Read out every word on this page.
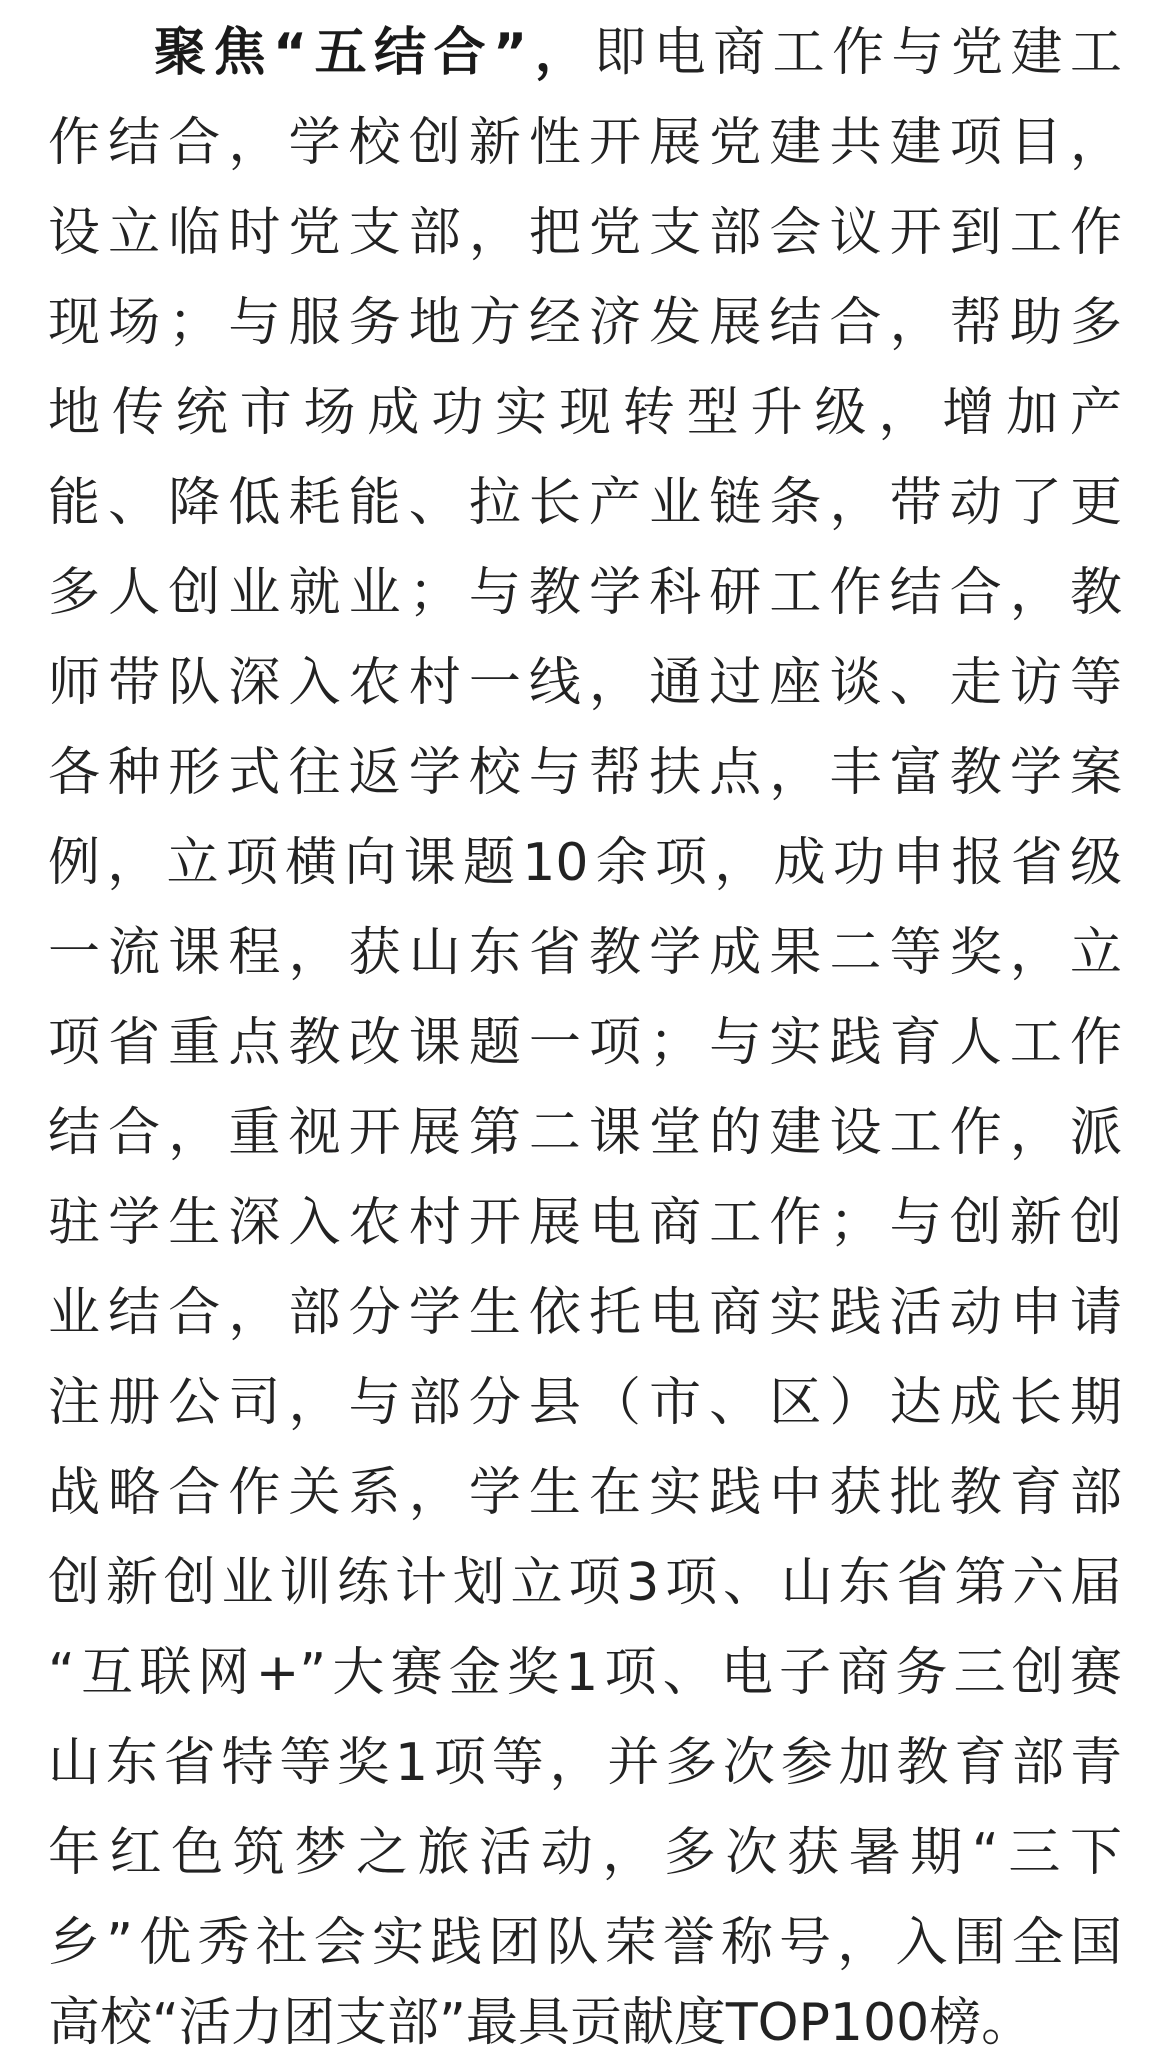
聚焦“五结合”，即电商工作与党建工
作结合，学校创新性开展党建共建项目，
设立临时党支部，把党支部会议开到工作
现场；与服务地方经济发展结合，帮助多
地传统市场成功实现转型升级，增加产
能、降低耗能、拉长产业链条，带动了更
多人创业就业；与教学科研工作结合，教
师带队深入农村一线，通过座谈、走访等
各种形式往返学校与帮扶点，丰富教学案
例，立项横向课题10余项，成功申报省级
一流课程，获山东省教学成果二等奖，立
项省重点教改课题一项；与实践育人工作
结合，重视开展第二课堂的建设工作，派
驻学生深入农村开展电商工作；与创新创
业结合，部分学生依托电商实践活动申请
注册公司，与部分县（市、区）达成长期
战略合作关系，学生在实践中获批教育部
创新创业训练计划立项3项、山东省第六届
“互联网+”大赛金奖1项、电子商务三创赛
山东省特等奖1项等，并多次参加教育部青
年红色筑梦之旅活动，多次获暑期“三下
乡”优秀社会实践团队荣誉称号，入围全国
高校“活力团支部”最具贡献度TOP100榜。
